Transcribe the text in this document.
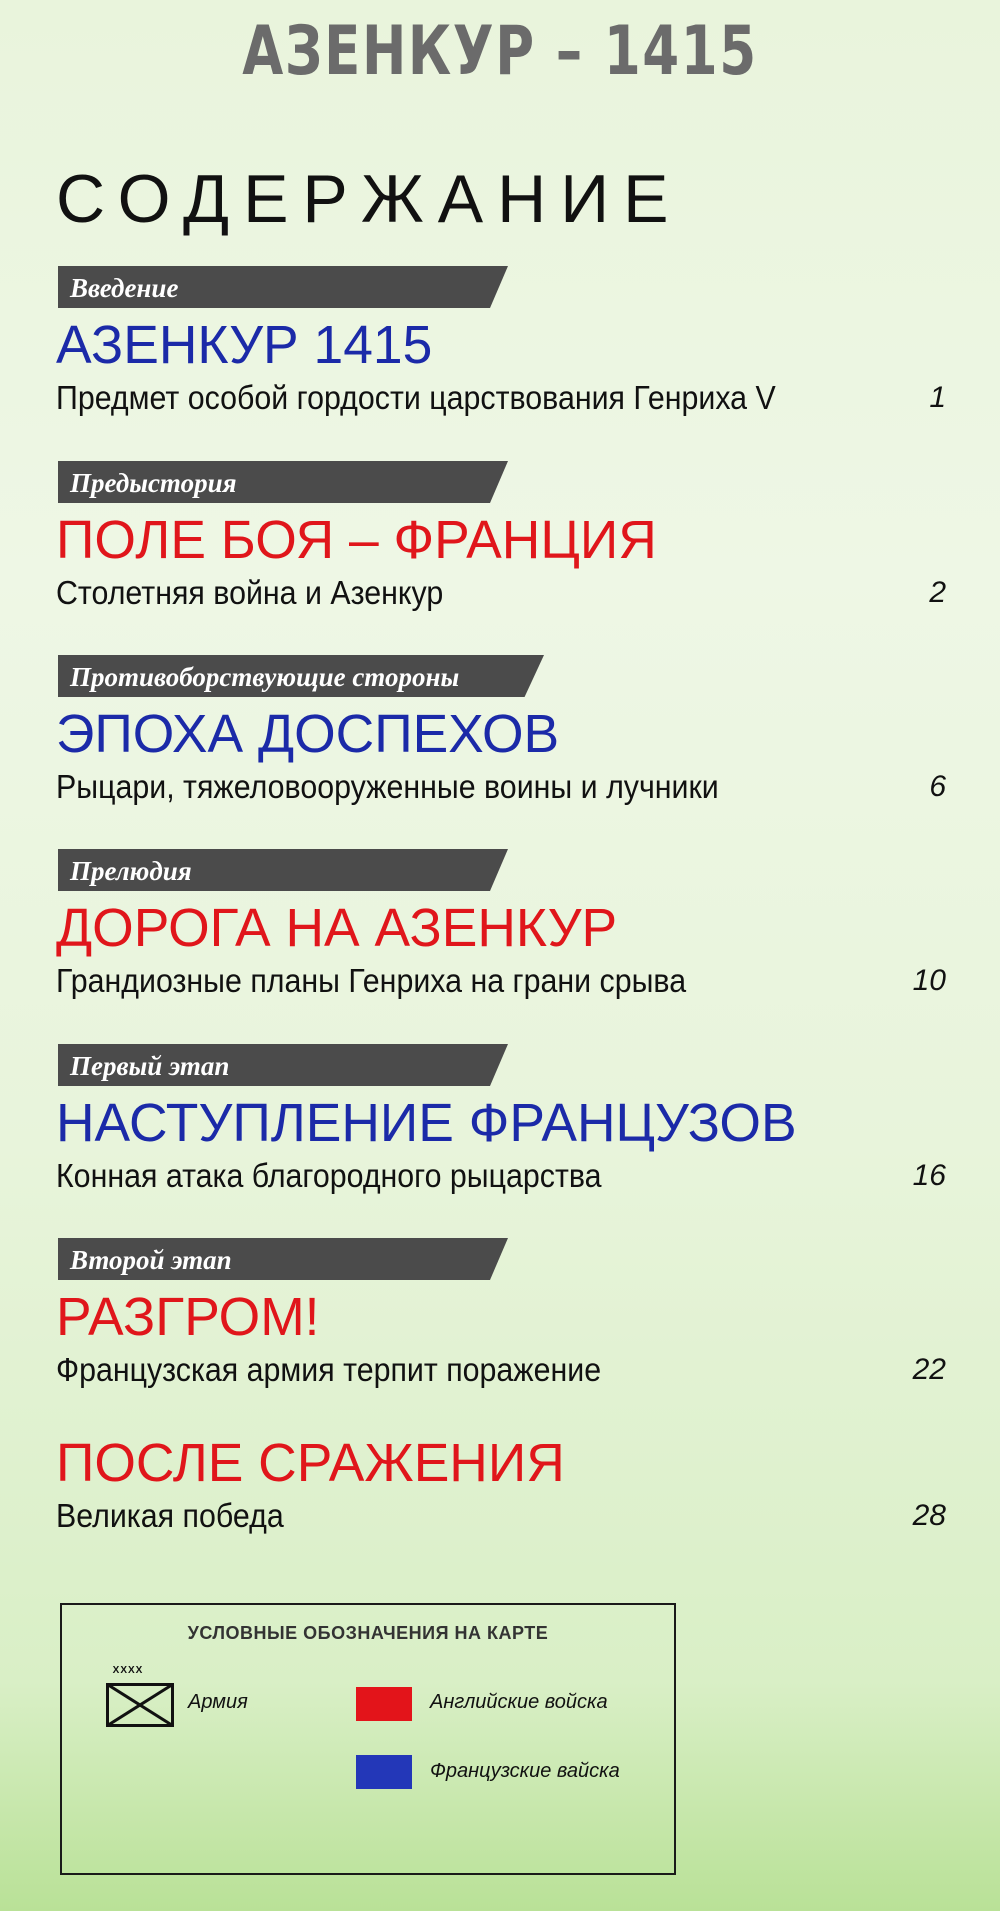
АЗЕНКУР – 1415
СОДЕРЖАНИЕ
Введение
АЗЕНКУР 1415
Предмет особой гордости царствования Генриха V	1
Предыстория
ПОЛЕ БОЯ – ФРАНЦИЯ
Столетняя война и Азенкур	2
Противоборствующие стороны
ЭПОХА ДОСПЕХОВ
Рыцари, тяжеловооруженные воины и лучники	6
Прелюдия
ДОРОГА НА АЗЕНКУР
Грандиозные планы Генриха на грани срыва	10
Первый этап
НАСТУПЛЕНИЕ ФРАНЦУЗОВ
Конная атака благородного рыцарства	16
Второй этап
РАЗГРОМ!
Французская армия терпит поражение	22
ПОСЛЕ СРАЖЕНИЯ
Великая победа	28
УСЛОВНЫЕ ОБОЗНАЧЕНИЯ НА КАРТЕ
XXXX
Армия	Английские войска
Французские вайска
